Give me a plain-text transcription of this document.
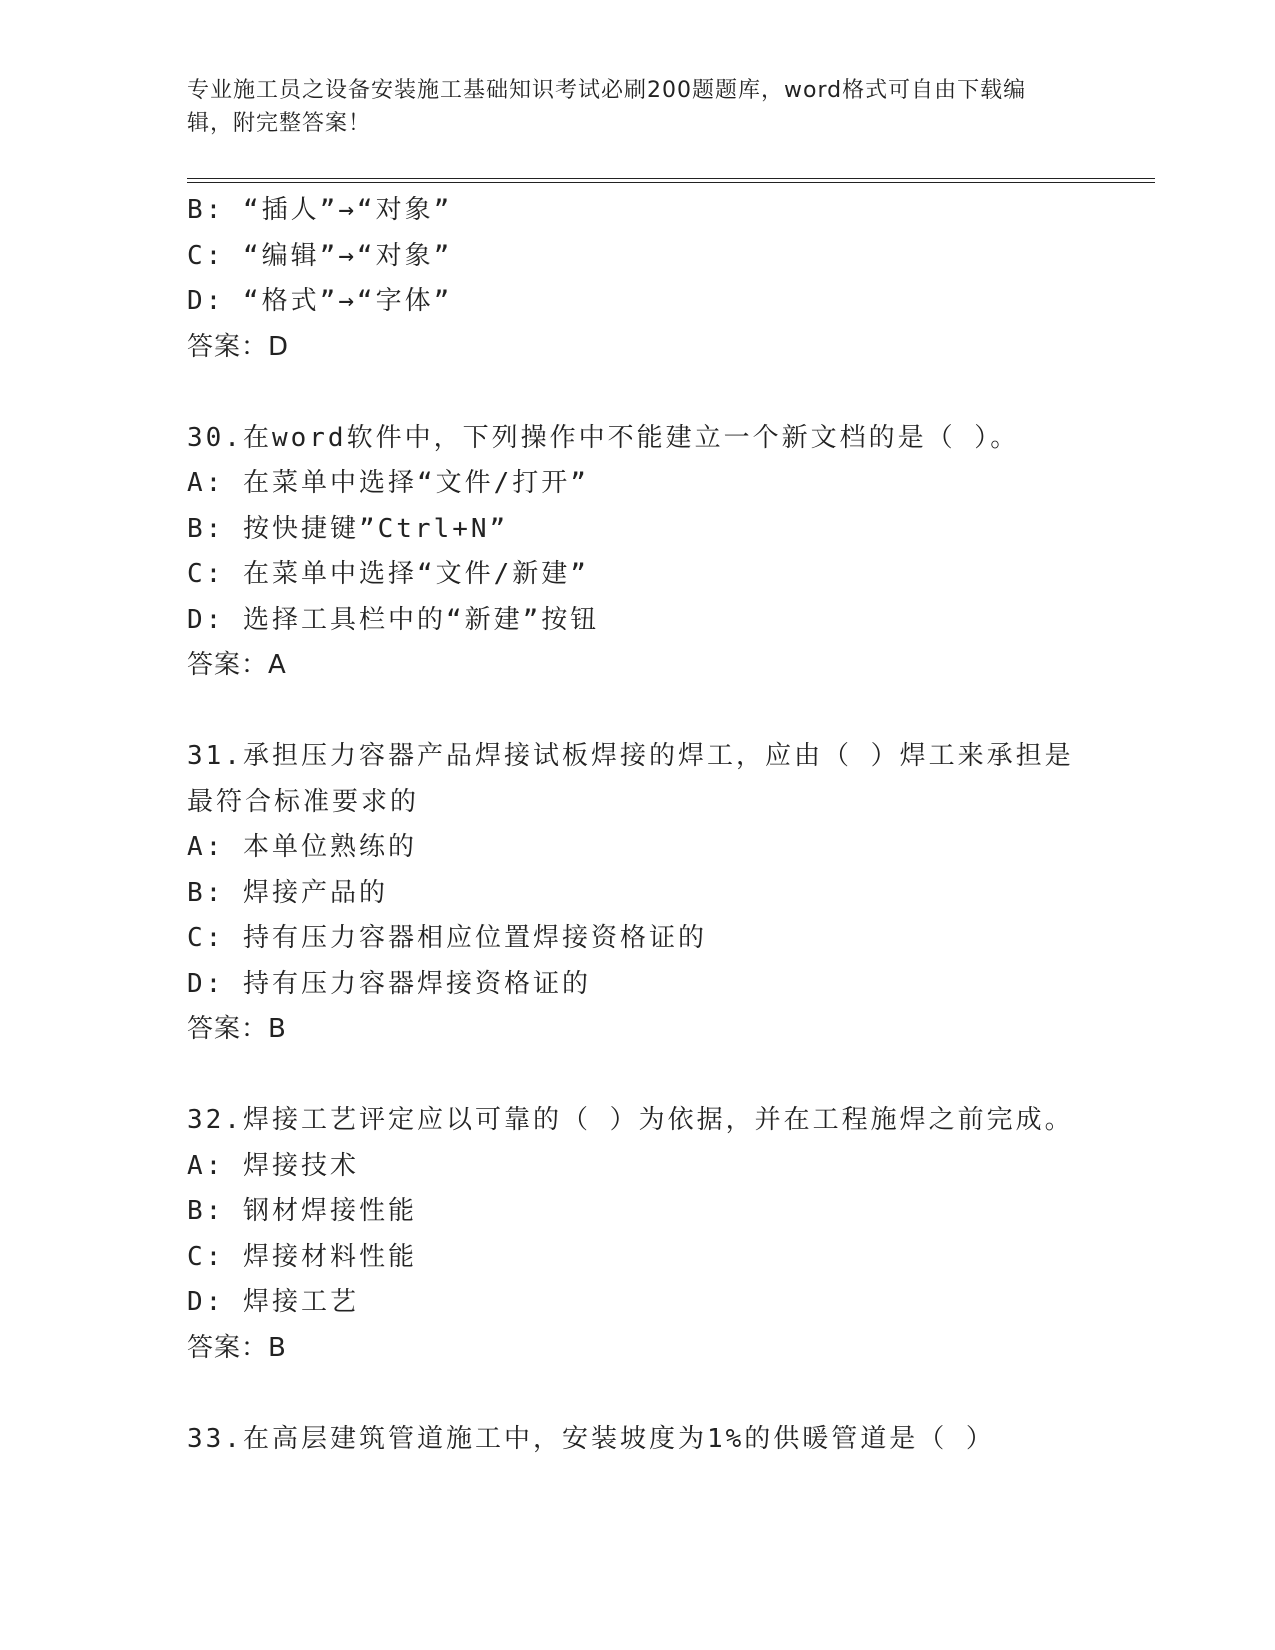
专业施工员之设备安装施工基础知识考试必刷200题题库，word格式可自由下载编辑，附完整答案！
B: “插人”→“对象”
C: “编辑”→“对象”
D: “格式”→“字体”
答案：D
30.在word软件中，下列操作中不能建立一个新文档的是（ ）。
A: 在菜单中选择“文件/打开”
B: 按快捷键”Ctrl+N”
C: 在菜单中选择“文件/新建”
D: 选择工具栏中的“新建”按钮
答案：A
31.承担压力容器产品焊接试板焊接的焊工，应由（ ）焊工来承担是
最符合标准要求的
A: 本单位熟练的
B: 焊接产品的
C: 持有压力容器相应位置焊接资格证的
D: 持有压力容器焊接资格证的
答案：B
32.焊接工艺评定应以可靠的（ ）为依据，并在工程施焊之前完成。
A: 焊接技术
B: 钢材焊接性能
C: 焊接材料性能
D: 焊接工艺
答案：B
33.在高层建筑管道施工中，安装坡度为1%的供暖管道是（ ）
